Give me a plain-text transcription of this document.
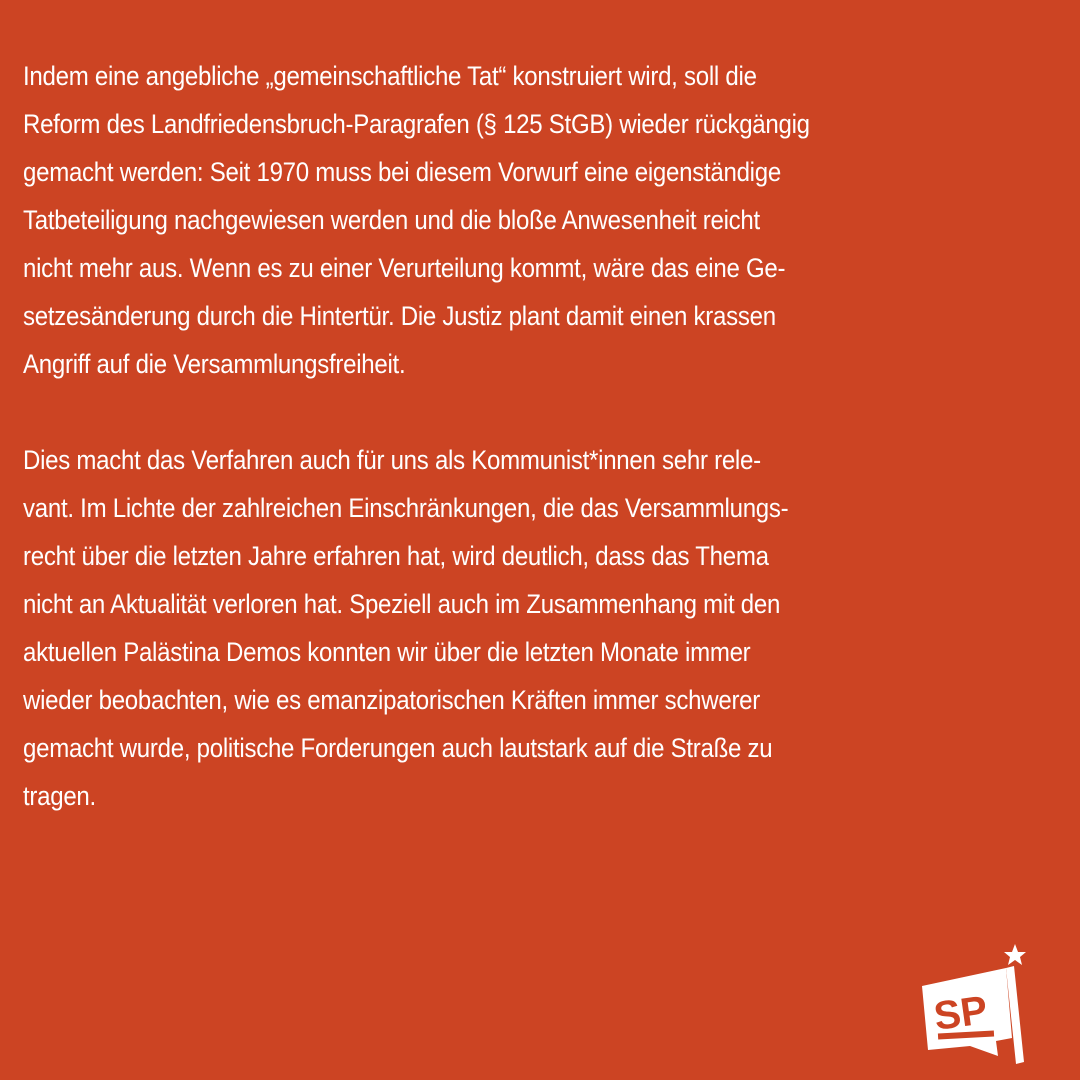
Indem eine angebliche „gemeinschaftliche Tat“ konstruiert wird, soll die
Reform des Landfriedensbruch-Paragrafen (§ 125 StGB) wieder rückgängig
gemacht werden: Seit 1970 muss bei diesem Vorwurf eine eigenständige
Tatbeteiligung nachgewiesen werden und die bloße Anwesenheit reicht
nicht mehr aus. Wenn es zu einer Verurteilung kommt, wäre das eine Ge-
setzesänderung durch die Hintertür. Die Justiz plant damit einen krassen
Angriff auf die Versammlungsfreiheit.

Dies macht das Verfahren auch für uns als Kommunist*innen sehr rele-
vant. Im Lichte der zahlreichen Einschränkungen, die das Versammlungs-
recht über die letzten Jahre erfahren hat, wird deutlich, dass das Thema
nicht an Aktualität verloren hat. Speziell auch im Zusammenhang mit den
aktuellen Palästina Demos konnten wir über die letzten Monate immer
wieder beobachten, wie es emanzipatorischen Kräften immer schwerer
gemacht wurde, politische Forderungen auch lautstark auf die Straße zu
tragen.

SP
